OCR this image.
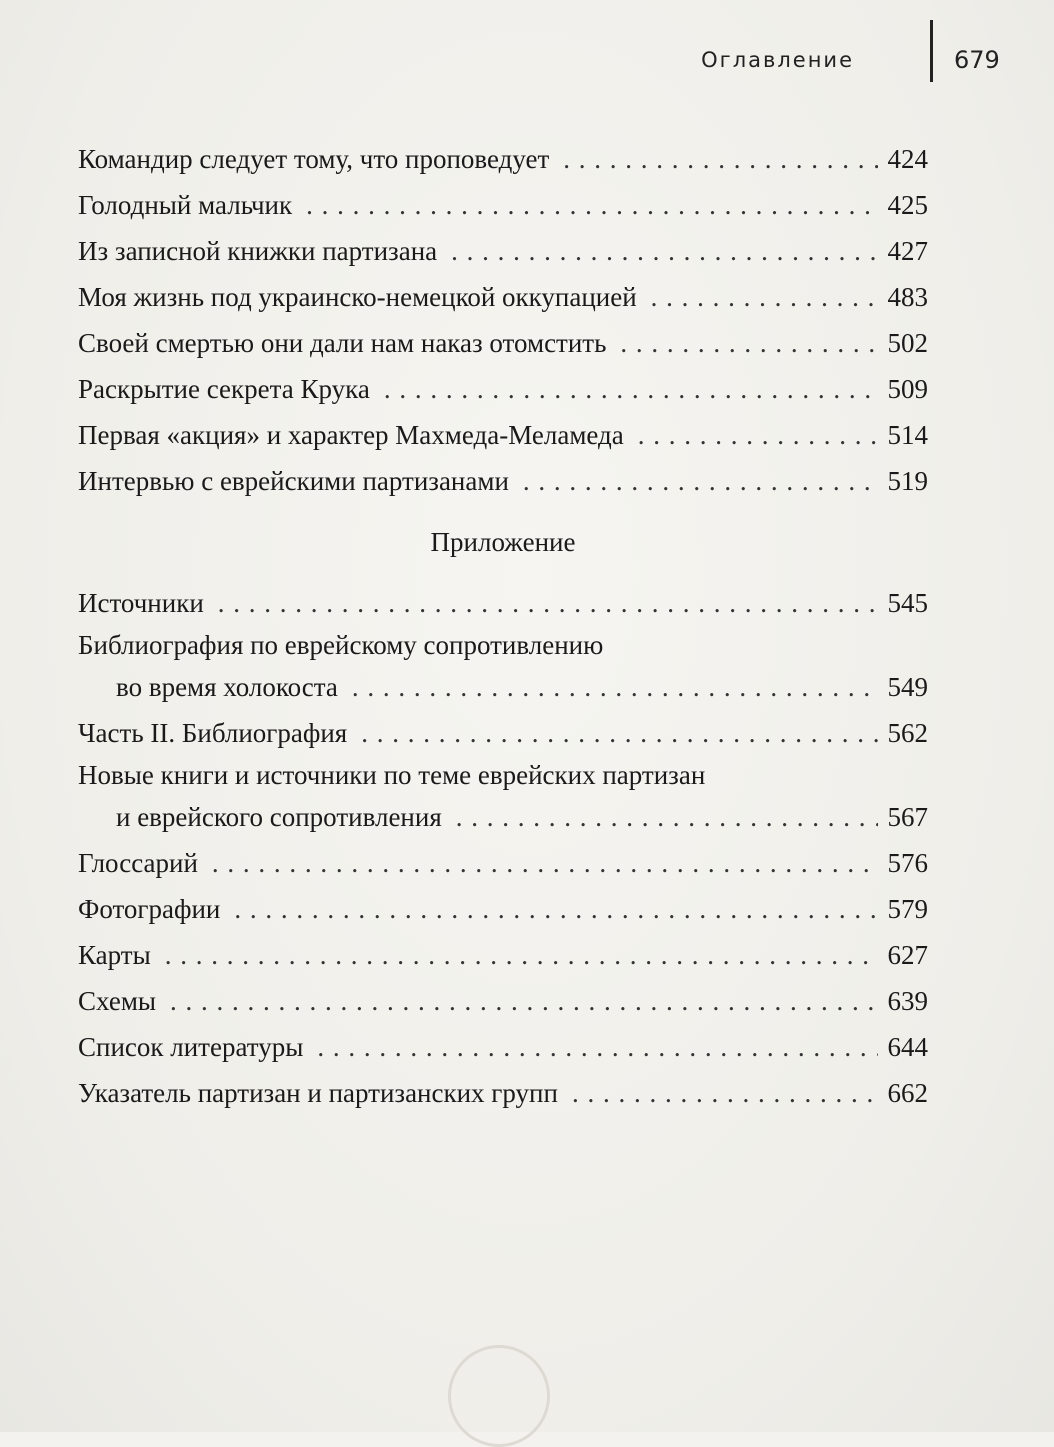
Оглавление	679
Командир следует тому, что проповедует . . .	424
Голодный мальчик . . .	425
Из записной книжки партизана . . .	427
Моя жизнь под украинско-немецкой оккупацией . . .	483
Своей смертью они дали нам наказ отомстить . . .	502
Раскрытие секрета Крука . . .	509
Первая «акция» и характер Махмеда-Меламеда . . .	514
Интервью с еврейскими партизанами . . .	519
Приложение
Источники . . .	545
Библиография по еврейскому сопротивлению
во время холокоста . . .	549
Часть II. Библиография . . .	562
Новые книги и источники по теме еврейских партизан
и еврейского сопротивления . . .	567
Глоссарий . . .	576
Фотографии . . .	579
Карты . . .	627
Схемы . . .	639
Список литературы . . .	644
Указатель партизан и партизанских групп . . .	662
